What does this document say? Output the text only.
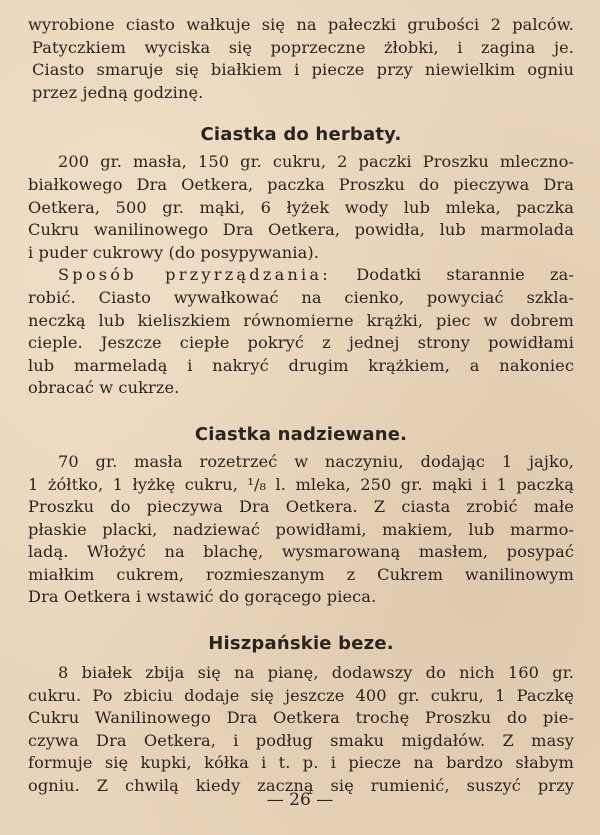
wyrobione ciasto wałkuje się na pałeczki grubości 2 palców.
Patyczkiem wyciska się poprzeczne żłobki, i zagina je.
Ciasto smaruje się białkiem i piecze przy niewielkim ogniu
przez jedną godzinę.
Ciastka do herbaty.
200 gr. masła, 150 gr. cukru, 2 paczki Proszku mleczno-
białkowego Dra Oetkera, paczka Proszku do pieczywa Dra
Oetkera, 500 gr. mąki, 6 łyżek wody lub mleka, paczka
Cukru wanilinowego Dra Oetkera, powidła, lub marmolada
i puder cukrowy (do posypywania).
Sposób przyrządzania: Dodatki starannie za-
robić. Ciasto wywałkować na cienko, powyciać szkla-
neczką lub kieliszkiem równomierne krążki, piec w dobrem
cieple. Jeszcze ciepłe pokryć z jednej strony powidłami
lub marmeladą i nakryć drugim krążkiem, a nakoniec
obracać w cukrze.
Ciastka nadziewane.
70 gr. masła rozetrzeć w naczyniu, dodając 1 jajko,
1 żółtko, 1 łyżkę cukru, ¹/₈ l. mleka, 250 gr. mąki i 1 paczką
Proszku do pieczywa Dra Oetkera. Z ciasta zrobić małe
płaskie placki, nadziewać powidłami, makiem, lub marmo-
ladą. Włożyć na blachę, wysmarowaną masłem, posypać
miałkim cukrem, rozmieszanym z Cukrem wanilinowym
Dra Oetkera i wstawić do gorącego pieca.
Hiszpańskie beze.
8 białek zbija się na pianę, dodawszy do nich 160 gr.
cukru. Po zbiciu dodaje się jeszcze 400 gr. cukru, 1 Paczkę
Cukru Wanilinowego Dra Oetkera trochę Proszku do pie-
czywa Dra Oetkera, i podług smaku migdałów. Z masy
formuje się kupki, kółka i t. p. i piecze na bardzo słabym
ogniu. Z chwilą kiedy zaczną się rumienić, suszyć przy
— 26 —
